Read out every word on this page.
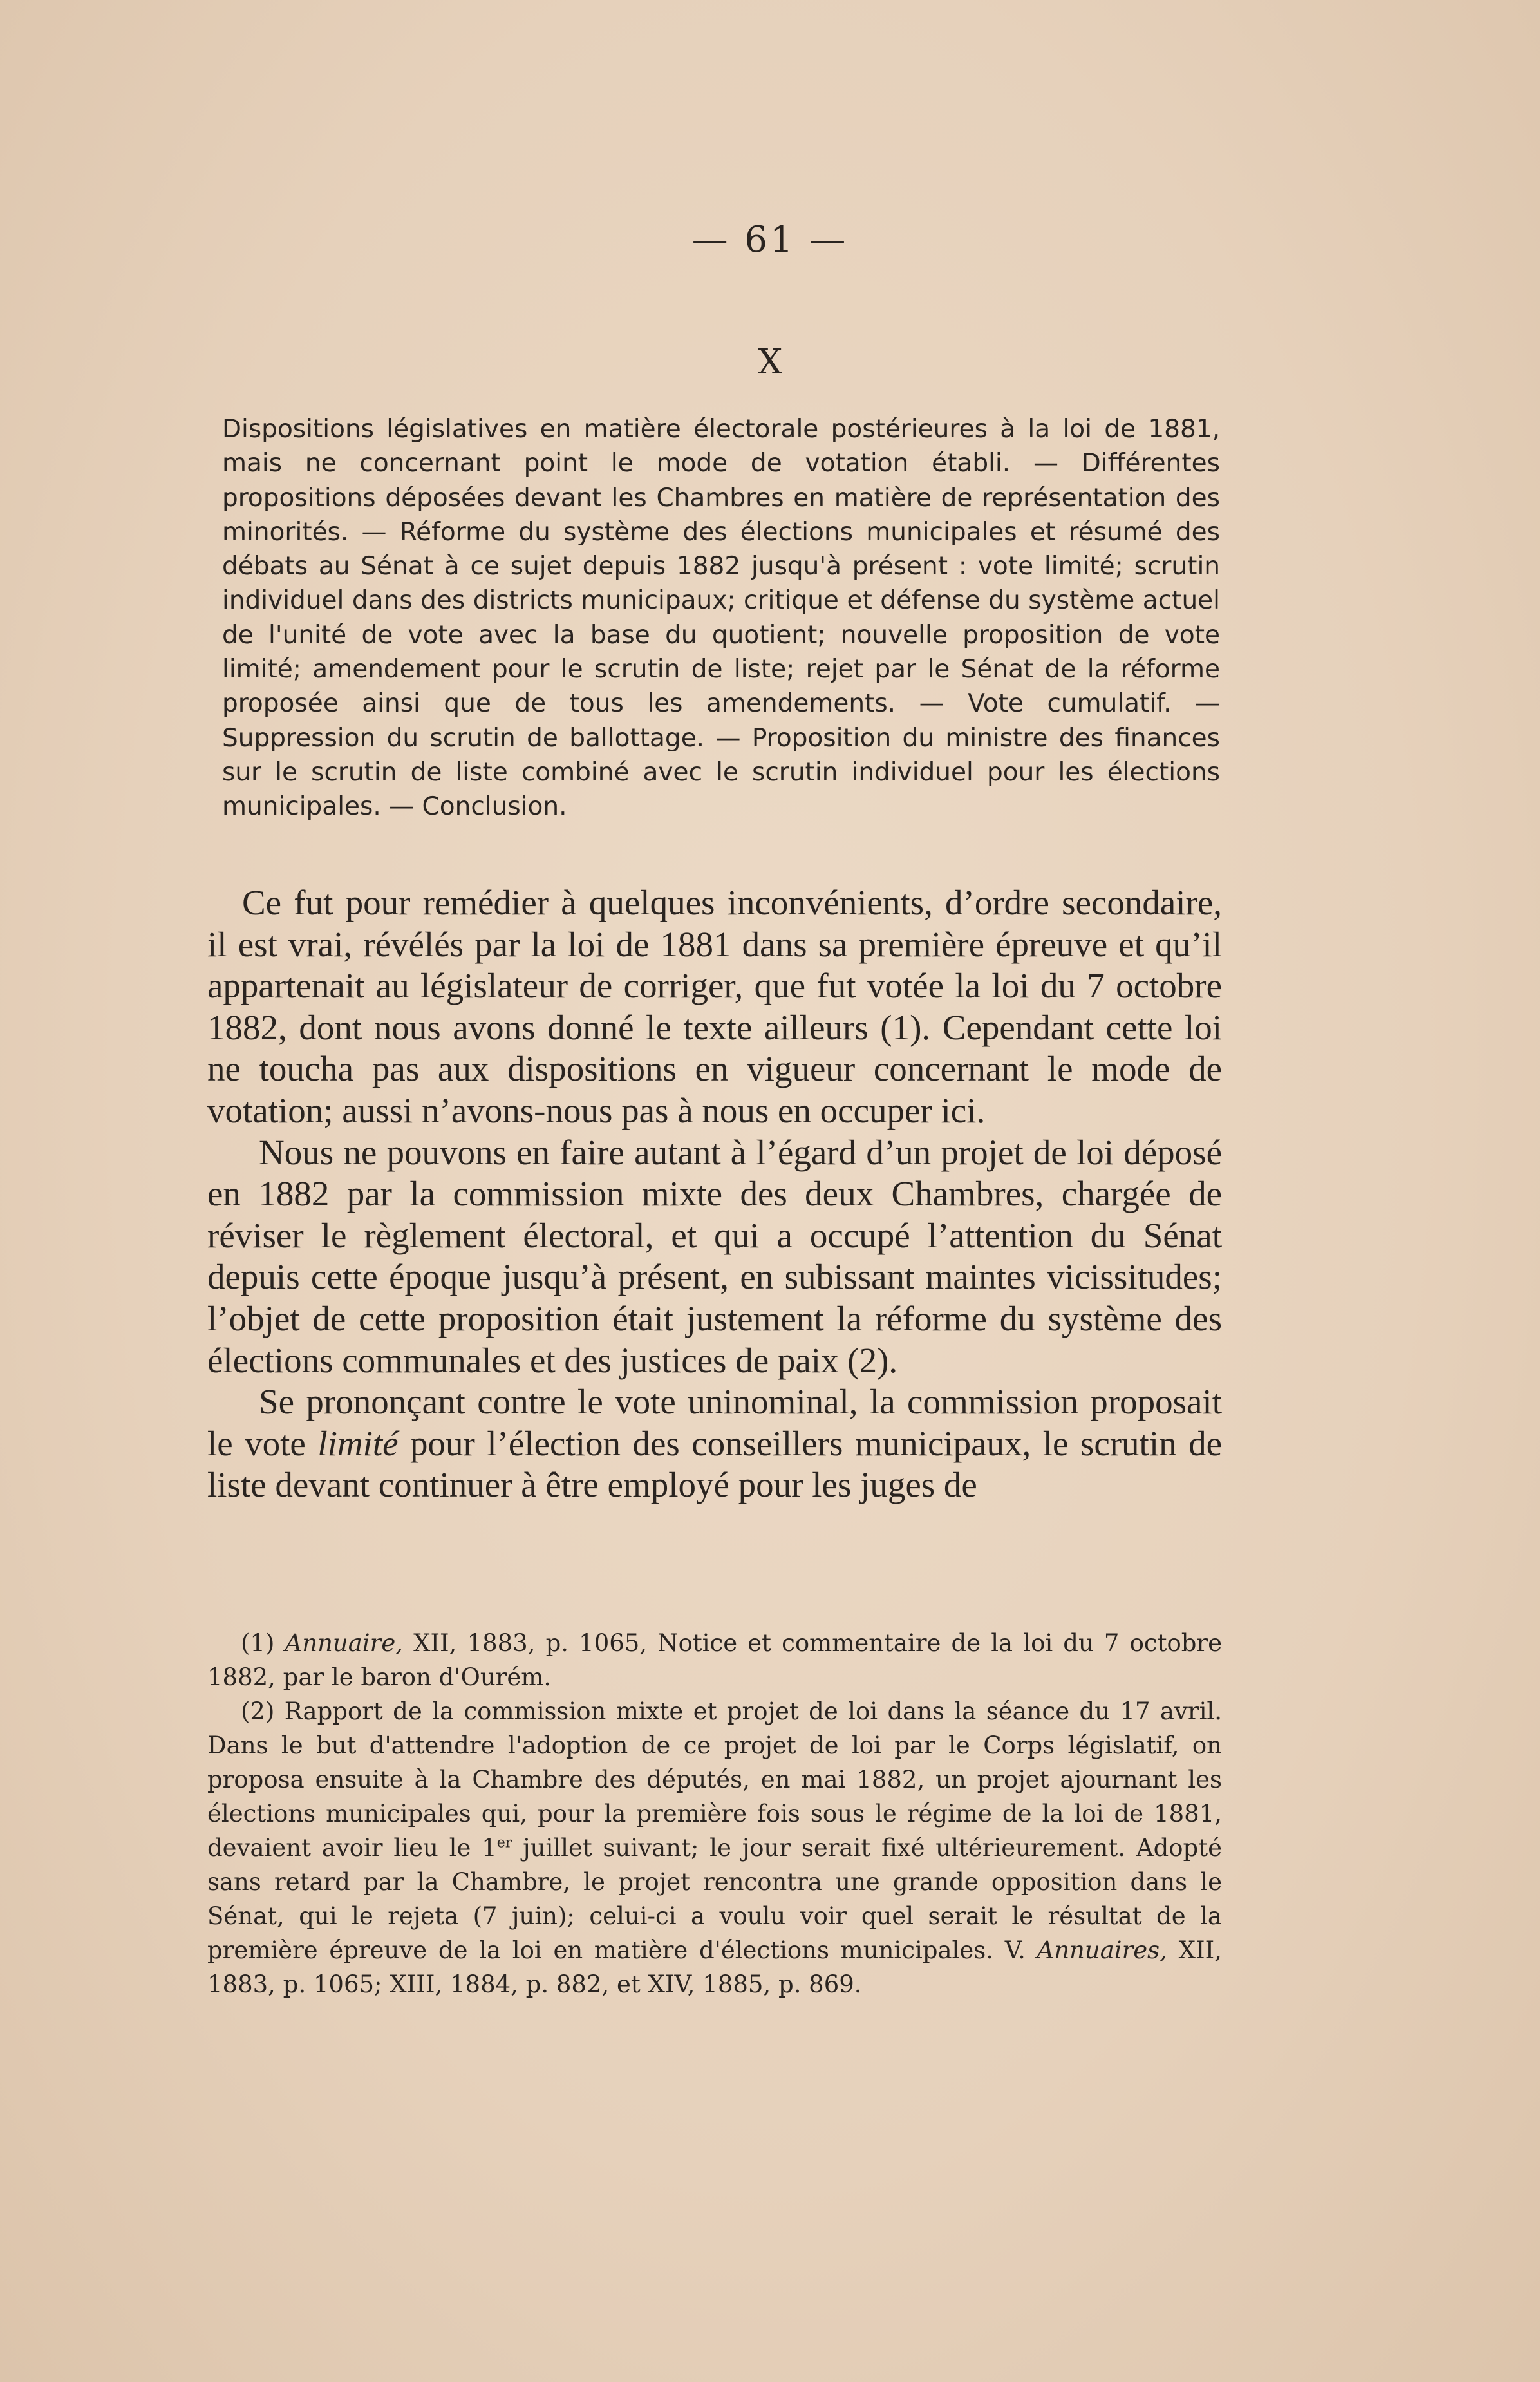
— 61 —
X

Dispositions législatives en matière électorale postérieures à la loi de 1881, mais ne concernant point le mode de votation établi. — Différentes propositions déposées devant les Chambres en matière de représentation des minorités. — Réforme du système des élections municipales et résumé des débats au Sénat à ce sujet depuis 1882 jusqu'à présent : vote limité; scrutin individuel dans des districts municipaux; critique et défense du système actuel de l'unité de vote avec la base du quotient; nouvelle proposition de vote limité; amendement pour le scrutin de liste; rejet par le Sénat de la réforme proposée ainsi que de tous les amendements. — Vote cumulatif. — Suppression du scrutin de ballottage. — Proposition du ministre des finances sur le scrutin de liste combiné avec le scrutin individuel pour les élections municipales. — Conclusion.

Ce fut pour remédier à quelques inconvénients, d’ordre secondaire, il est vrai, révélés par la loi de 1881 dans sa première épreuve et qu’il appartenait au législateur de corriger, que fut votée la loi du 7 octobre 1882, dont nous avons donné le texte ailleurs (1). Cependant cette loi ne toucha pas aux dispositions en vigueur concernant le mode de votation; aussi n’avons-nous pas à nous en occuper ici.

Nous ne pouvons en faire autant à l’égard d’un projet de loi déposé en 1882 par la commission mixte des deux Chambres, chargée de réviser le règlement électoral, et qui a occupé l’attention du Sénat depuis cette époque jusqu’à présent, en subissant maintes vicissitudes; l’objet de cette proposition était justement la réforme du système des élections communales et des justices de paix (2).

Se prononçant contre le vote uninominal, la commission proposait le vote limité pour l’élection des conseillers municipaux, le scrutin de liste devant continuer à être employé pour les juges de

(1) Annuaire, XII, 1883, p. 1065, Notice et commentaire de la loi du 7 octobre 1882, par le baron d'Ourém.

(2) Rapport de la commission mixte et projet de loi dans la séance du 17 avril. Dans le but d'attendre l'adoption de ce projet de loi par le Corps législatif, on proposa ensuite à la Chambre des députés, en mai 1882, un projet ajournant les élections municipales qui, pour la première fois sous le régime de la loi de 1881, devaient avoir lieu le 1er juillet suivant; le jour serait fixé ultérieurement. Adopté sans retard par la Chambre, le projet rencontra une grande opposition dans le Sénat, qui le rejeta (7 juin); celui-ci a voulu voir quel serait le résultat de la première épreuve de la loi en matière d'élections municipales. V. Annuaires, XII, 1883, p. 1065; XIII, 1884, p. 882, et XIV, 1885, p. 869.
